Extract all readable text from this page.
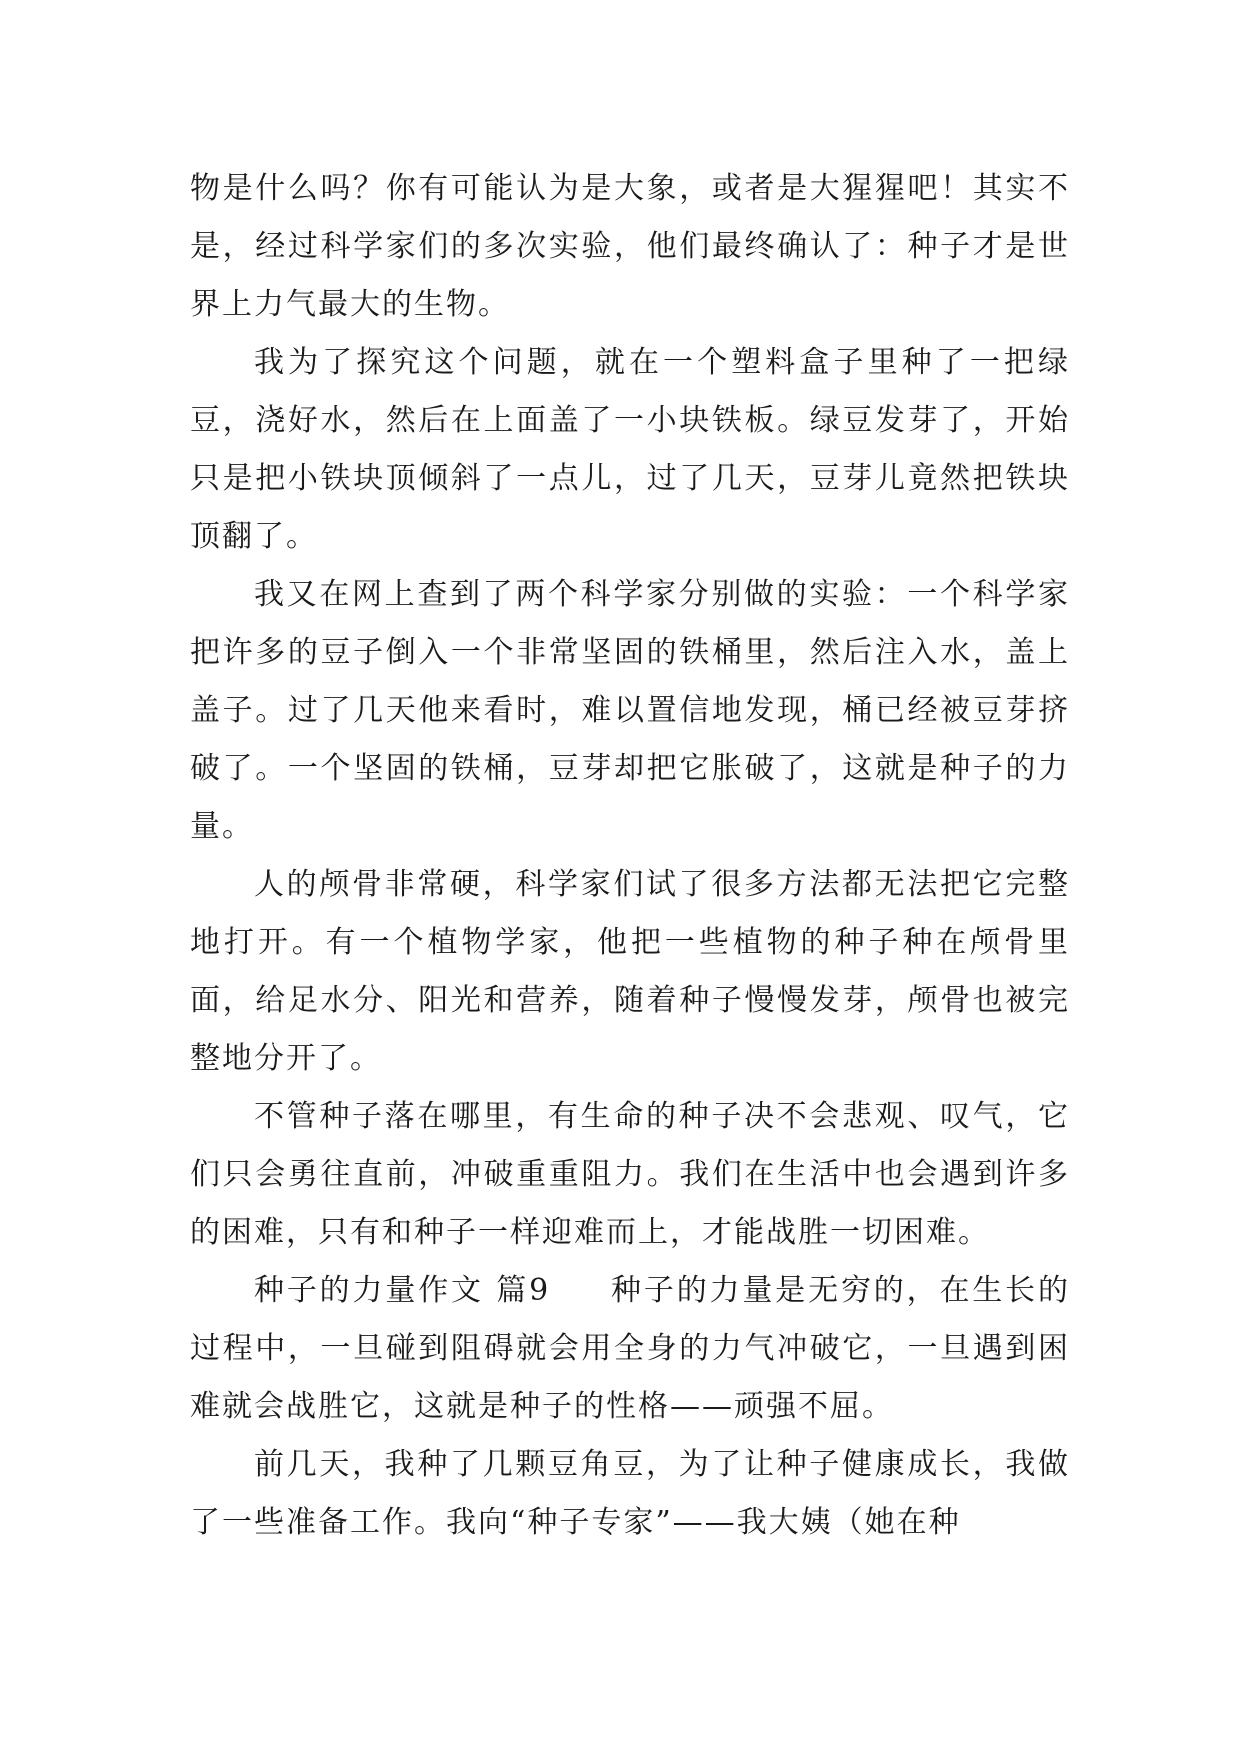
物是什么吗？你有可能认为是大象，或者是大猩猩吧！其实不是，经过科学家们的多次实验，他们最终确认了：种子才是世界上力气最大的生物。

我为了探究这个问题，就在一个塑料盒子里种了一把绿豆，浇好水，然后在上面盖了一小块铁板。绿豆发芽了，开始只是把小铁块顶倾斜了一点儿，过了几天，豆芽儿竟然把铁块顶翻了。

我又在网上查到了两个科学家分别做的实验：一个科学家把许多的豆子倒入一个非常坚固的铁桶里，然后注入水，盖上盖子。过了几天他来看时，难以置信地发现，桶已经被豆芽挤破了。一个坚固的铁桶，豆芽却把它胀破了，这就是种子的力量。

人的颅骨非常硬，科学家们试了很多方法都无法把它完整地打开。有一个植物学家，他把一些植物的种子种在颅骨里面，给足水分、阳光和营养，随着种子慢慢发芽，颅骨也被完整地分开了。

不管种子落在哪里，有生命的种子决不会悲观、叹气，它们只会勇往直前，冲破重重阻力。我们在生活中也会遇到许多的困难，只有和种子一样迎难而上，才能战胜一切困难。

种子的力量作文 篇9 种子的力量是无穷的，在生长的过程中，一旦碰到阻碍就会用全身的力气冲破它，一旦遇到困难就会战胜它，这就是种子的性格——顽强不屈。

前几天，我种了几颗豆角豆，为了让种子健康成长，我做了一些准备工作。我向“种子专家”——我大姨（她在种
